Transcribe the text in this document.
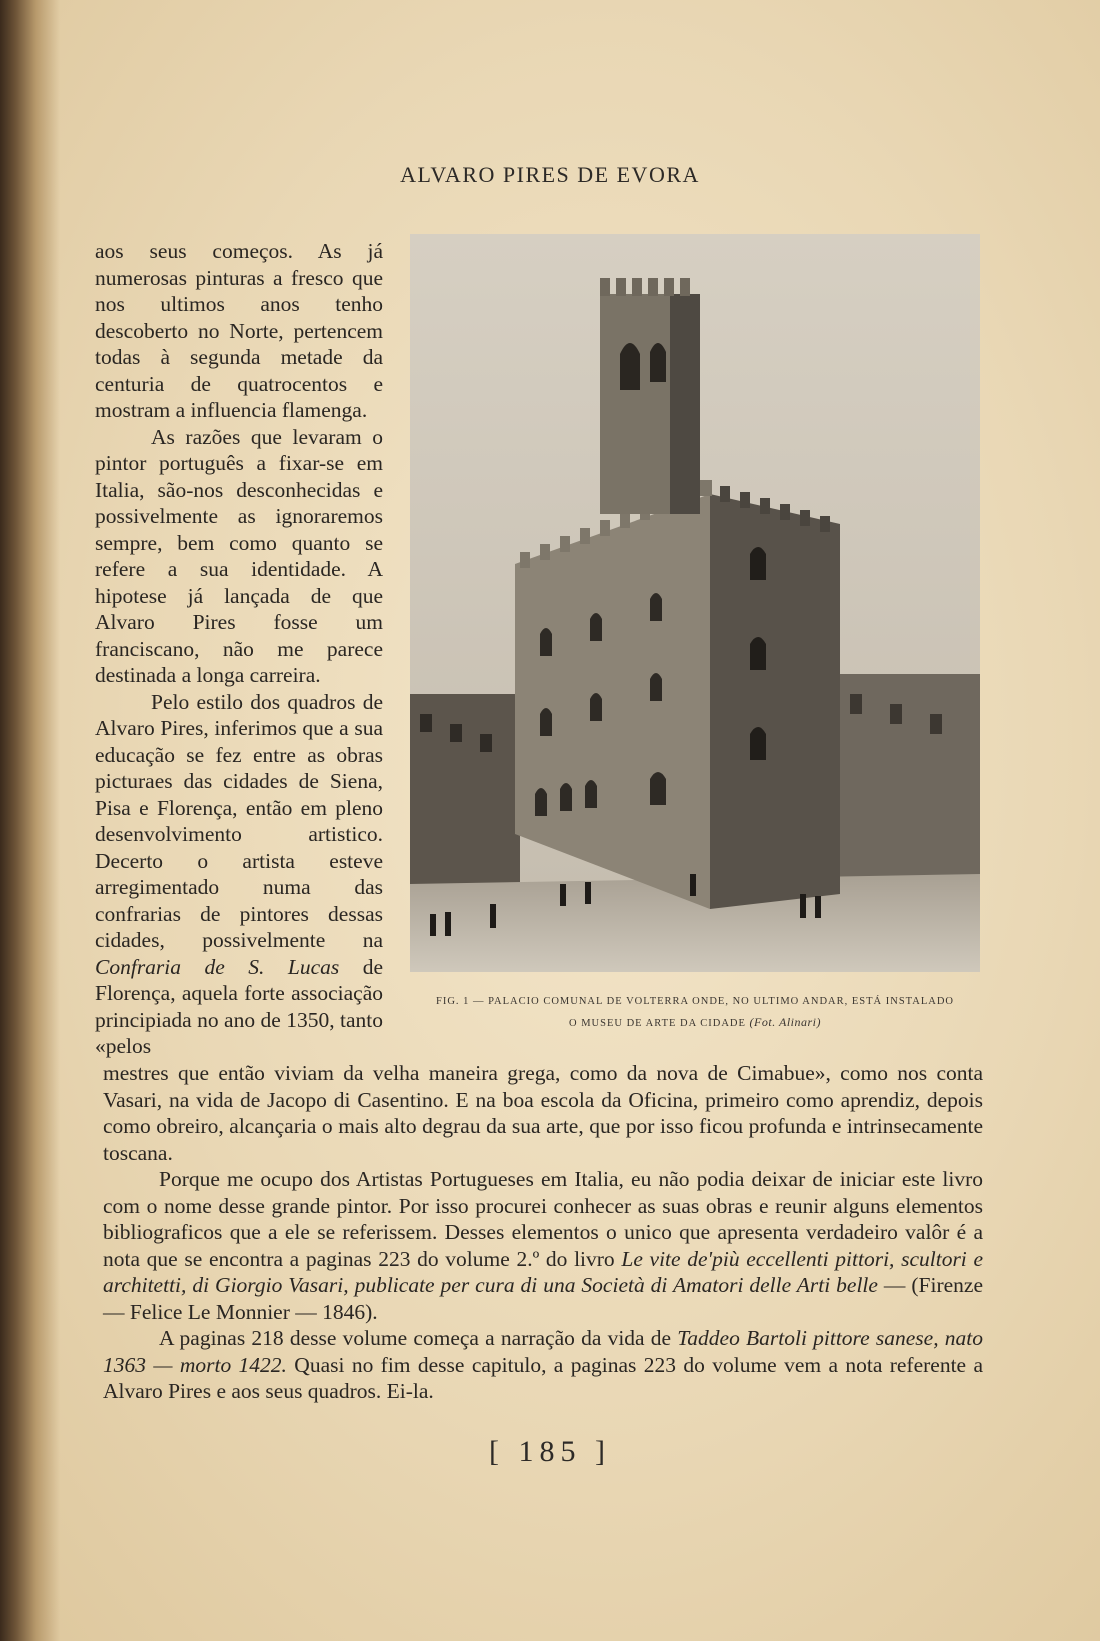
ALVARO PIRES DE EVORA

aos seus começos. As já numerosas pinturas a fresco que nos ultimos anos tenho descoberto no Norte, pertencem todas à segunda metade da centuria de quatrocentos e mostram a influencia flamenga.

As razões que levaram o pintor português a fixar-se em Italia, são-nos desconhecidas e possivelmente as ignoraremos sempre, bem como quanto se refere a sua identidade. A hipotese já lançada de que Alvaro Pires fosse um franciscano, não me parece destinada a longa carreira.

Pelo estilo dos quadros de Alvaro Pires, inferimos que a sua educação se fez entre as obras picturaes das cidades de Siena, Pisa e Florença, então em pleno desenvolvimento artistico. Decerto o artista esteve arregimentado numa das confrarias de pintores dessas cidades, possivelmente na Confraria de S. Lucas de Florença, aquela forte associação principiada no ano de 1350, tanto «pelos

FIG. 1 — PALACIO COMUNAL DE VOLTERRA ONDE, NO ULTIMO ANDAR, ESTÁ INSTALADO
O MUSEU DE ARTE DA CIDADE (Fot. Alinari)

mestres que então viviam da velha maneira grega, como da nova de Cimabue», como nos conta Vasari, na vida de Jacopo di Casentino. E na boa escola da Oficina, primeiro como aprendiz, depois como obreiro, alcançaria o mais alto degrau da sua arte, que por isso ficou profunda e intrinsecamente toscana.

Porque me ocupo dos Artistas Portugueses em Italia, eu não podia deixar de iniciar este livro com o nome desse grande pintor. Por isso procurei conhecer as suas obras e reunir alguns elementos bibliograficos que a ele se referissem. Desses elementos o unico que apresenta verdadeiro valôr é a nota que se encontra a paginas 223 do volume 2.º do livro Le vite de'più eccellenti pittori, scultori e architetti, di Giorgio Vasari, publicate per cura di una Società di Amatori delle Arti belle — (Firenze — Felice Le Monnier — 1846).

A paginas 218 desse volume começa a narração da vida de Taddeo Bartoli pittore sanese, nato 1363 — morto 1422. Quasi no fim desse capitulo, a paginas 223 do volume vem a nota referente a Alvaro Pires e aos seus quadros. Ei-la.

[ 185 ]
